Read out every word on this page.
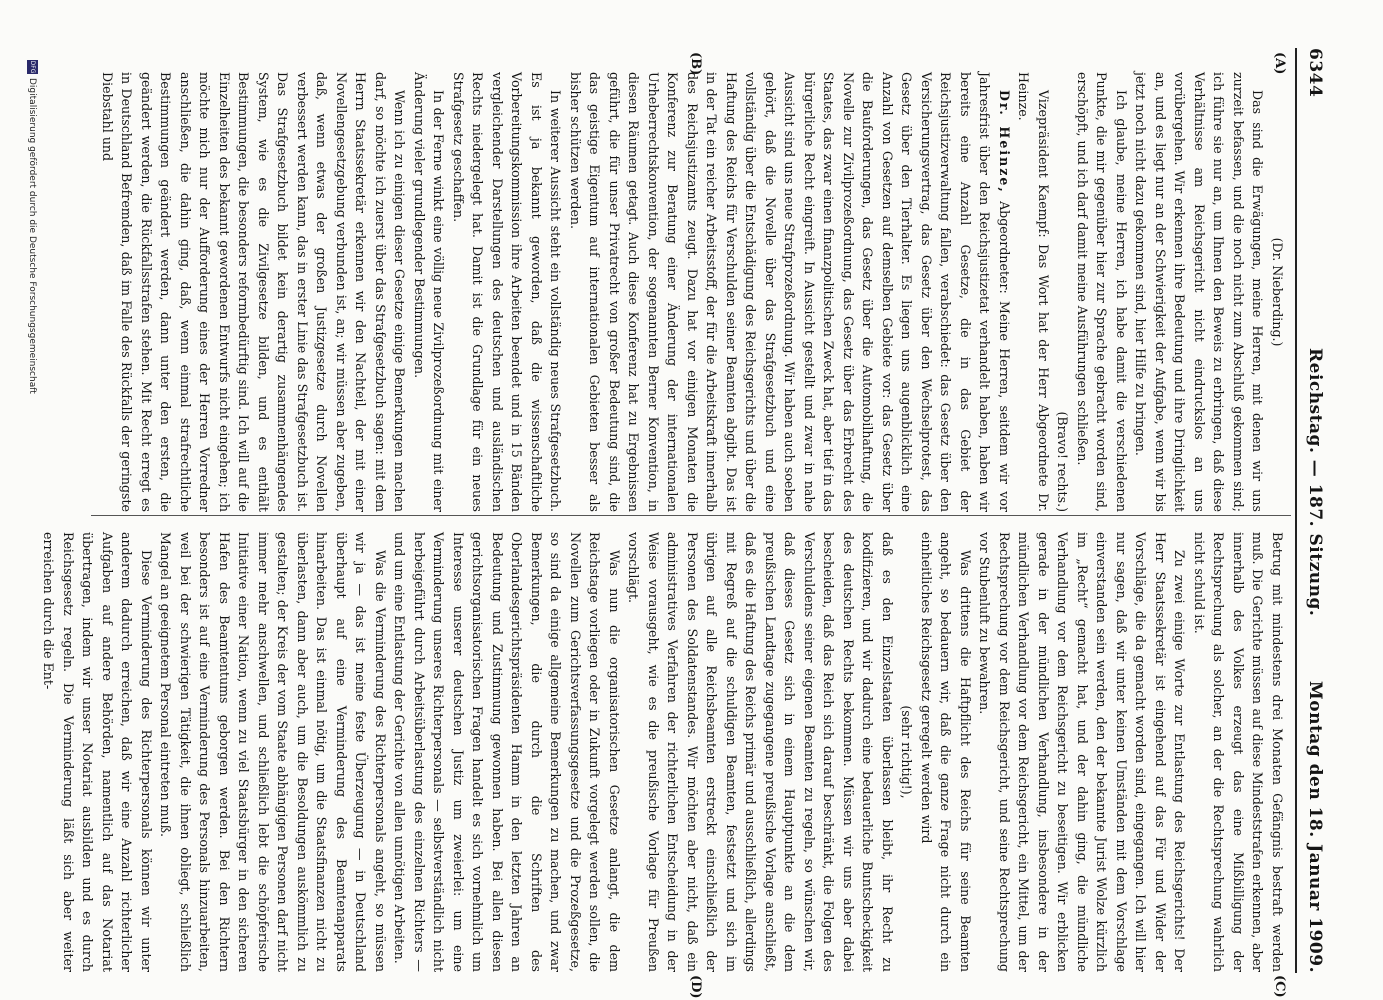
6344
Reichstag. — 187. Sitzung.
Montag den 18. Januar 1909.
(A)
(B)
(C)
(D)

(Dr. Nieberding.)

Das sind die Erwägungen, meine Herren, mit denen wir uns zurzeit befassen, und die noch nicht zum Abschluß gekommen sind; ich führe sie nur an, um Ihnen den Beweis zu erbringen, daß diese Verhältnisse am Reichsgericht nicht eindruckslos an uns vorübergehen. Wir erkennen ihre Bedeutung und ihre Dringlichkeit an, und es liegt nur an der Schwierigkeit der Aufgabe, wenn wir bis jetzt noch nicht dazu gekommen sind, hier Hilfe zu bringen.

Ich glaube, meine Herren, ich habe damit die verschiedenen Punkte, die mir gegenüber hier zur Sprache gebracht worden sind, erschöpft, und ich darf damit meine Ausführungen schließen.

(Bravo! rechts.)

Vizepräsident Kaempf: Das Wort hat der Herr Abgeordnete Dr. Heinze.

Dr. Heinze, Abgeordneter: Meine Herren, seitdem wir vor Jahresfrist über den Reichsjustizetat verhandelt haben, haben wir bereits eine Anzahl Gesetze, die in das Gebiet der Reichsjustizverwaltung fallen, verabschiedet: das Gesetz über den Versicherungsvertrag, das Gesetz über den Wechselprotest, das Gesetz über den Tierhalter. Es liegen uns augenblicklich eine Anzahl von Gesetzen auf demselben Gebiete vor: das Gesetz über die Bauforderungen, das Gesetz über die Automobilhaftung, die Novelle zur Zivilprozeßordnung, das Gesetz über das Erbrecht des Staates, das zwar einen finanzpolitischen Zweck hat, aber tief in das bürgerliche Recht eingreift. In Aussicht gestellt und zwar in nahe Aussicht sind uns neue Strafprozeßordnung. Wir haben auch soeben gehört, daß die Novelle über das Strafgesetzbuch und eine vollständig über die Entschädigung des Reichsgerichts und über die Haftung des Reichs für Verschulden seiner Beamten abgibt. Das ist in der Tat ein reicher Arbeitsstoff, der für die Arbeitskraft innerhalb des Reichsjustizamts zeugt. Dazu hat vor einigen Monaten die Konferenz zur Beratung einer Änderung der internationalen Urheberrechtskonvention, der sogenannten Berner Konvention, in diesen Räumen getagt. Auch diese Konferenz hat zu Ergebnissen geführt, die für unser Privatrecht von großer Bedeutung sind, die das geistige Eigentum auf internationalen Gebieten besser als bisher schützen werden.

In weiterer Aussicht steht ein vollständig neues Strafgesetzbuch. Es ist ja bekannt geworden, daß die wissenschaftliche Vorbereitungskommission ihre Arbeiten beendet und in 15 Bänden vergleichender Darstellungen des deutschen und ausländischen Rechts niedergelegt hat. Damit ist die Grundlage für ein neues Strafgesetz geschaffen.

In der Ferne winkt eine völlig neue Zivilprozeßordnung mit einer Änderung vieler grundlegender Bestimmungen.

Wenn ich zu einigen dieser Gesetze einige Bemerkungen machen darf, so möchte ich zuerst über das Strafgesetzbuch sagen: mit dem Herrn Staatssekretär erkennen wir den Nachteil, der mit einer Novellengesetzgebung verbunden ist, an; wir müssen aber zugeben, daß, wenn etwas der großen Justizgesetze durch Novellen verbessert werden kann, das in erster Linie das Strafgesetzbuch ist. Das Strafgesetzbuch bildet kein derartig zusammenhängendes System, wie es die Zivilgesetze bilden, und es enthält Bestimmungen, die besonders reformbedürftig sind. Ich will auf die Einzelheiten des bekannt gewordenen Entwurfs nicht eingehen; ich möchte mich nur der Aufforderung eines der Herren Vorredner anschließen, die dahin ging, daß, wenn einmal strafrechtliche Bestimmungen geändert werden, dann unter den ersten, die geändert werden, die Rückfallsstrafen stehen. Mit Recht erregt es in Deutschland Befremden, daß im Falle des Rückfalls der geringste Diebstahl und

Betrug mit mindestens drei Monaten Gefängnis bestraft werden muß. Die Gerichte müssen auf diese Mindeststrafen erkennen, aber innerhalb des Volkes erzeugt das eine Mißbilligung der Rechtsprechung als solcher, an der die Rechtsprechung wahrlich nicht schuld ist.

Zu zwei einige Worte zur Entlastung des Reichsgerichts! Der Herr Staatssekretär ist eingehend auf das Für und Wider der Vorschläge, die da gemacht worden sind, eingegangen. Ich will hier nur sagen, daß wir unter keinen Umständen mit dem Vorschlage einverstanden sein werden, den der bekannte Jurist Wolze kürzlich im „Recht“ gemacht hat, und der dahin ging, die mündliche Verhandlung vor dem Reichsgericht zu beseitigen. Wir erblicken gerade in der mündlichen Verhandlung, insbesondere in der mündlichen Verhandlung vor dem Reichsgericht, ein Mittel, um der Rechtsprechung vor dem Reichsgericht, und seine Rechtsprechung vor Stubenluft zu bewahren.

Was drittens die Haftpflicht des Reichs für seine Beamten angeht, so bedauern wir, daß die ganze Frage nicht durch ein einheitliches Reichsgesetz geregelt werden wird

(sehr richtig!),

daß es den Einzelstaaten überlassen bleibt, ihr Recht zu kodifizieren, und wir dadurch eine bedauerliche Buntscheckigkeit des deutschen Rechts bekommen. Müssen wir uns aber dabei bescheiden, daß das Reich sich darauf beschränkt, die Folgen des Verschuldens seiner eigenen Beamten zu regeln, so wünschen wir, daß dieses Gesetz sich in einem Hauptpunkte an die dem preußischen Landtage zugegangene preußische Vorlage anschließt, daß es die Haftung des Reichs primär und ausschließlich, allerdings mit Regreß auf die schuldigen Beamten, festsetzt und sich im übrigen auf alle Reichsbeamten erstreckt einschließlich der Personen des Soldatenstandes. Wir möchten aber nicht, daß ein administratives Verfahren der richterlichen Entscheidung in der Weise vorausgeht, wie es die preußische Vorlage für Preußen vorschlägt.

Was nun die organisatorischen Gesetze anlangt, die dem Reichstage vorliegen oder in Zukunft vorgelegt werden sollen, die Novellen zum Gerichtsverfassungsgesetze und die Prozeßgesetze, so sind da einige allgemeine Bemerkungen zu machen, und zwar Bemerkungen, die durch die Schriften des Oberlandesgerichtspräsidenten Hamm in den letzten Jahren an Bedeutung und Zustimmung gewonnen haben. Bei allen diesen gerichtsorganisatorischen Fragen handelt es sich vornehmlich um Interesse unserer deutschen Justiz um zweierlei: um eine Verminderung unseres Richterpersonals — selbstverständlich nicht herbeigeführt durch Arbeitsüberlastung des einzelnen Richters — und um eine Entlastung der Gerichte von allen unnötigen Arbeiten.

Was die Verminderung des Richterpersonals angeht, so müssen wir ja — das ist meine feste Überzeugung — in Deutschland überhaupt auf eine Verminderung des Beamtenapparats hinarbeiten. Das ist einmal nötig, um die Staatsfinanzen nicht zu überlasten, dann aber auch, um die Besoldungen auskömmlich zu gestalten; der Kreis der vom Staate abhängigen Personen darf nicht immer mehr anschwellen, und schließlich lebt die schöpferische Initiative einer Nation, wenn zu viel Staatsbürger in den sicheren Hafen des Beamtentums geborgen werden. Bei den Richtern besonders ist auf eine Verminderung des Personals hinzuarbeiten, weil bei der schwierigen Tätigkeit, die ihnen obliegt, schließlich Mangel an geeignetem Personal eintreten muß.

Diese Verminderung des Richterpersonals können wir unter anderem dadurch erreichen, daß wir eine Anzahl richterlicher Aufgaben auf andere Behörden, namentlich auf das Notariat übertragen, indem wir unser Notariat ausbilden und es durch Reichsgesetz regeln. Die Verminderung läßt sich aber weiter erreichen durch die Ent-

DFGDigitalisierung gefördert durch die Deutsche Forschungsgemeinschaft
